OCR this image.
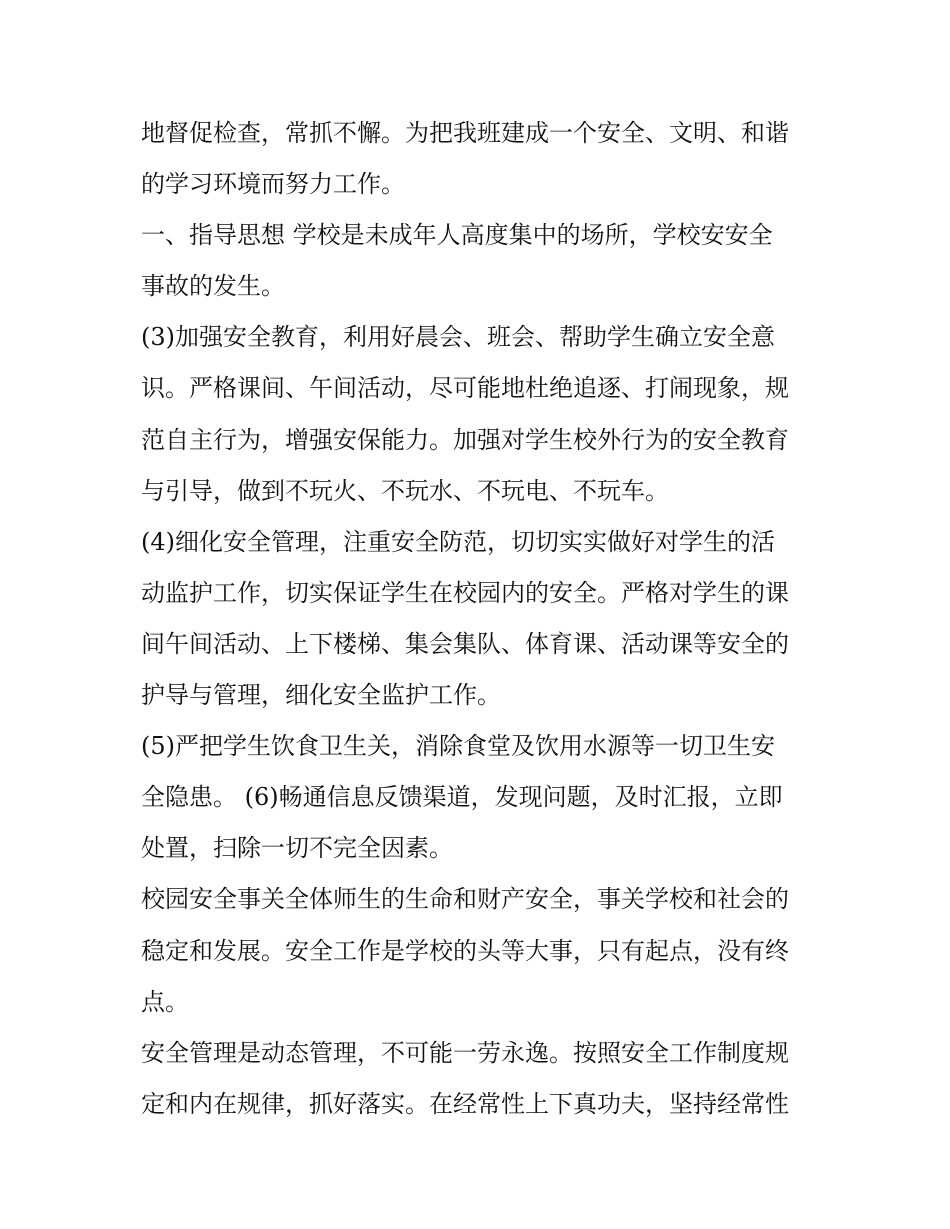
地督促检查，常抓不懈。为把我班建成一个安全、文明、和谐
的学习环境而努力工作。
一、指导思想 学校是未成年人高度集中的场所，学校安安全
事故的发生。
(3)加强安全教育，利用好晨会、班会、帮助学生确立安全意
识。严格课间、午间活动，尽可能地杜绝追逐、打闹现象，规
范自主行为，增强安保能力。加强对学生校外行为的安全教育
与引导，做到不玩火、不玩水、不玩电、不玩车。
(4)细化安全管理，注重安全防范，切切实实做好对学生的活
动监护工作，切实保证学生在校园内的安全。严格对学生的课
间午间活动、上下楼梯、集会集队、体育课、活动课等安全的
护导与管理，细化安全监护工作。
(5)严把学生饮食卫生关，消除食堂及饮用水源等一切卫生安
全隐患。 (6)畅通信息反馈渠道，发现问题，及时汇报，立即
处置，扫除一切不完全因素。
校园安全事关全体师生的生命和财产安全，事关学校和社会的
稳定和发展。安全工作是学校的头等大事，只有起点，没有终
点。
安全管理是动态管理，不可能一劳永逸。按照安全工作制度规
定和内在规律，抓好落实。在经常性上下真功夫，坚持经常性
